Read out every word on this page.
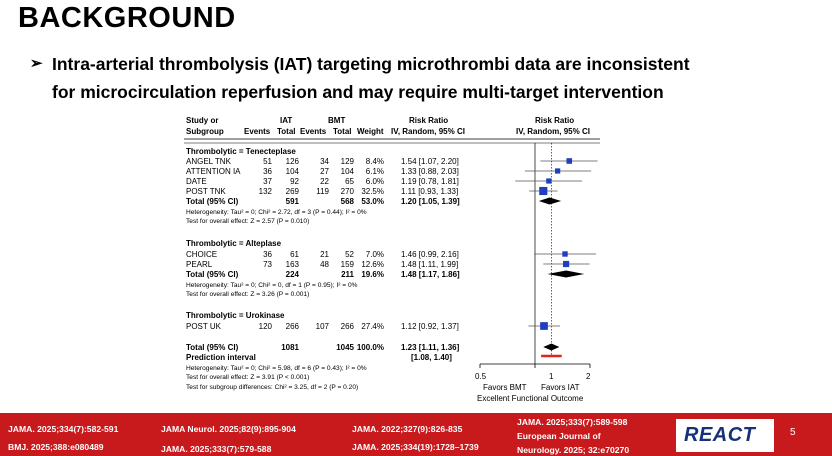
BACKGROUND
➢ Intra-arterial thrombolysis (IAT) targeting microthrombi data are inconsistent
for microcirculation reperfusion and may require multi-target intervention
Study or
Subgroup
IAT	BMT
Events Total Events Total Weight
Risk Ratio
IV, Random, 95% CI
Risk Ratio
IV, Random, 95% CI
Thrombolytic = Tenecteplase
ANGEL TNK	51	126	34	129	8.4% 1.54 [1.07, 2.20]
ATTENTION IA	36	104	27	104	6.1% 1.33 [0.88, 2.03]
DATE	37	92	22	65	6.0% 1.19 [0.78, 1.81]
POST TNK	132	269	119	270 32.5% 1.11 [0.93, 1.33]
Total (95% CI)	591	568 53.0% 1.20 [1.05, 1.39]
Heterogeneity: Tau² = 0; Chi² = 2.72, df = 3 (P = 0.44); I² = 0%
Test for overall effect: Z = 2.57 (P = 0.010)
Thrombolytic = Alteplase
CHOICE	36	61	21	52	7.0% 1.46 [0.99, 2.16]
PEARL	73	163	48	159 12.6% 1.48 [1.11, 1.99]
Total (95% CI)	224	211 19.6% 1.48 [1.17, 1.86]
Heterogeneity: Tau² = 0; Chi² = 0, df = 1 (P = 0.95); I² = 0%
Test for overall effect: Z = 3.26 (P = 0.001)
Thrombolytic = Urokinase
POST UK	120	266	107	266 27.4% 1.12 [0.92, 1.37]
Total (95% CI)	1081	1045 100.0% 1.23 [1.11, 1.36]
Prediction interval	[1.08, 1.40]
Heterogeneity: Tau² = 0; Chi² = 5.98, df = 6 (P = 0.43); I² = 0%
Test for overall effect: Z = 3.91 (P < 0.001)
Test for subgroup differences: Chi² = 3.25, df = 2 (P = 0.20)
0.5	1	2
Favors BMT Favors IAT
Excellent Functional Outcome
JAMA. 2025;334(7):582-591
BMJ. 2025;388:e080489
JAMA Neurol. 2025;82(9):895-904
JAMA. 2025;333(7):579-588
JAMA. 2022;327(9):826-835
JAMA. 2025;334(19):1728–1739
JAMA. 2025;333(7):589-598
European Journal of
Neurology. 2025; 32:e70270
REACT	5
